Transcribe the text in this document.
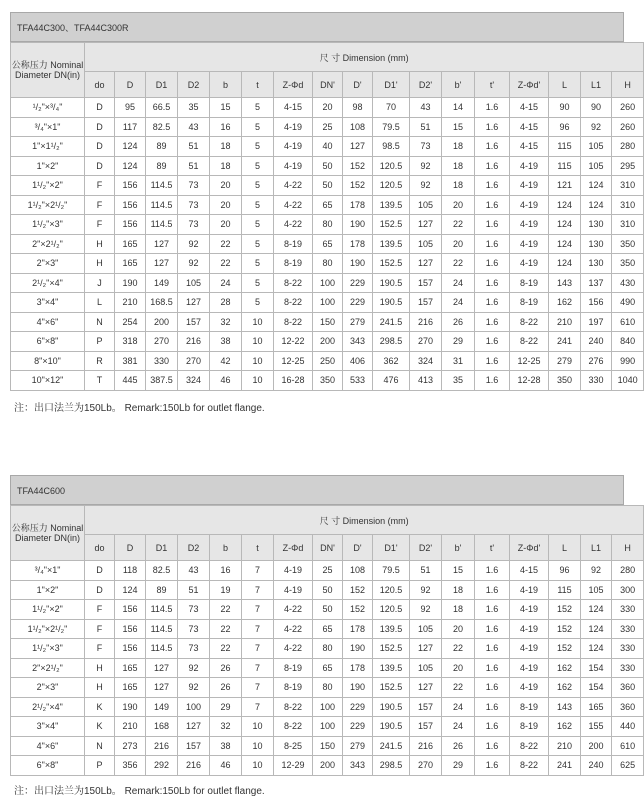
TFA44C300、TFA44C300R
公称压力 Nominal Diameter DN(in)	尺 寸 Dimension (mm)																
	do	D	D1	D2	b	t	Z-Φd	DN'	D'	D1'	D2'	b'	t'	Z-Φd'	L	L1	H
¹/₂"×³/₄"	D	95	66.5	35	15	5	4-15	20	98	70	43	14	1.6	4-15	90	90	260
³/₄"×1"	D	117	82.5	43	16	5	4-19	25	108	79.5	51	15	1.6	4-15	96	92	260
1"×1¹/₂"	D	124	89	51	18	5	4-19	40	127	98.5	73	18	1.6	4-15	115	105	280
1"×2"	D	124	89	51	18	5	4-19	50	152	120.5	92	18	1.6	4-19	115	105	295
1¹/₂"×2"	F	156	114.5	73	20	5	4-22	50	152	120.5	92	18	1.6	4-19	121	124	310
1¹/₂"×2¹/₂"	F	156	114.5	73	20	5	4-22	65	178	139.5	105	20	1.6	4-19	124	124	310
1¹/₂"×3"	F	156	114.5	73	20	5	4-22	80	190	152.5	127	22	1.6	4-19	124	130	310
2"×2¹/₂"	H	165	127	92	22	5	8-19	65	178	139.5	105	20	1.6	4-19	124	130	350
2"×3"	H	165	127	92	22	5	8-19	80	190	152.5	127	22	1.6	4-19	124	130	350
2¹/₂"×4"	J	190	149	105	24	5	8-22	100	229	190.5	157	24	1.6	8-19	143	137	430
3"×4"	L	210	168.5	127	28	5	8-22	100	229	190.5	157	24	1.6	8-19	162	156	490
4"×6"	N	254	200	157	32	10	8-22	150	279	241.5	216	26	1.6	8-22	210	197	610
6"×8"	P	318	270	216	38	10	12-22	200	343	298.5	270	29	1.6	8-22	241	240	840
8"×10"	R	381	330	270	42	10	12-25	250	406	362	324	31	1.6	12-25	279	276	990
10"×12"	T	445	387.5	324	46	10	16-28	350	533	476	413	35	1.6	12-28	350	330	1040
注：出口法兰为150Lb。 Remark:150Lb for outlet flange.
TFA44C600
公称压力 Nominal Diameter DN(in)	尺 寸 Dimension (mm)																
	do	D	D1	D2	b	t	Z-Φd	DN'	D'	D1'	D2'	b'	t'	Z-Φd'	L	L1	H
³/₄"×1"	D	118	82.5	43	16	7	4-19	25	108	79.5	51	15	1.6	4-15	96	92	280
1"×2"	D	124	89	51	19	7	4-19	50	152	120.5	92	18	1.6	4-19	115	105	300
1¹/₂"×2"	F	156	114.5	73	22	7	4-22	50	152	120.5	92	18	1.6	4-19	152	124	330
1¹/₂"×2¹/₂"	F	156	114.5	73	22	7	4-22	65	178	139.5	105	20	1.6	4-19	152	124	330
1¹/₂"×3"	F	156	114.5	73	22	7	4-22	80	190	152.5	127	22	1.6	4-19	152	124	330
2"×2¹/₂"	H	165	127	92	26	7	8-19	65	178	139.5	105	20	1.6	4-19	162	154	330
2"×3"	H	165	127	92	26	7	8-19	80	190	152.5	127	22	1.6	4-19	162	154	360
2¹/₂"×4"	K	190	149	100	29	7	8-22	100	229	190.5	157	24	1.6	8-19	143	165	360
3"×4"	K	210	168	127	32	10	8-22	100	229	190.5	157	24	1.6	8-19	162	155	440
4"×6"	N	273	216	157	38	10	8-25	150	279	241.5	216	26	1.6	8-22	210	200	610
6"×8"	P	356	292	216	46	10	12-29	200	343	298.5	270	29	1.6	8-22	241	240	625
注：出口法兰为150Lb。 Remark:150Lb for outlet flange.
